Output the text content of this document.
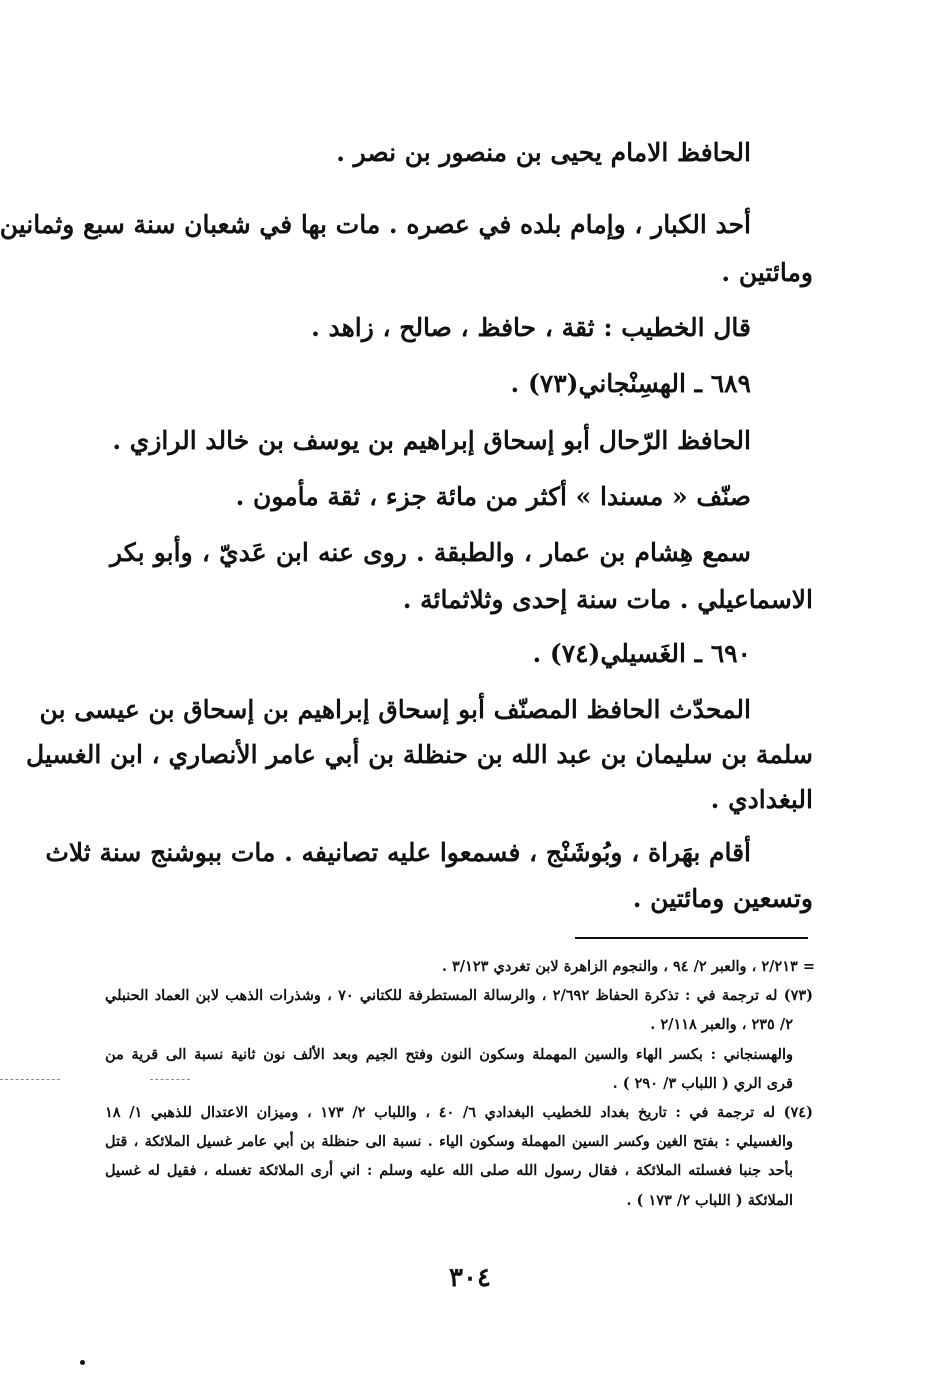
الحافظ الامام يحيى بن منصور بن نصر .
أحد الكبار ، وإمام بلده في عصره . مات بها في شعبان سنة سبع وثمانين
ومائتين .
قال الخطيب : ثقة ، حافظ ، صالح ، زاهد .
٦٨٩ ـ الهسِنْجاني(٧٣) .
الحافظ الرّحال أبو إسحاق إبراهيم بن يوسف بن خالد الرازي .
صنّف « مسندا » أكثر من مائة جزء ، ثقة مأمون .
سمع هِشام بن عمار ، والطبقة . روى عنه ابن عَديّ ، وأبو بكر
الاسماعيلي . مات سنة إحدى وثلاثمائة .
٦٩٠ ـ الغَسيلي(٧٤) .
المحدّث الحافظ المصنّف أبو إسحاق إبراهيم بن إسحاق بن عيسى بن
سلمة بن سليمان بن عبد الله بن حنظلة بن أبي عامر الأنصاري ، ابن الغسيل
البغدادي .
أقام بهَراة ، وبُوشَنْج ، فسمعوا عليه تصانيفه . مات ببوشنج سنة ثلاث
وتسعين ومائتين .
= ٢/٢١٣ ، والعبر ٢/ ٩٤ ، والنجوم الزاهرة لابن تغردي ٣/١٢٣ .
(٧٣) له ترجمة في : تذكرة الحفاظ ٢/٦٩٢ ، والرسالة المستطرفة للكتاني ٧٠ ، وشذرات الذهب لابن العماد الحنبلي
٢/ ٢٣٥ ، والعبر ٢/١١٨ .
والهسنجاني : بكسر الهاء والسين المهملة وسكون النون وفتح الجيم وبعد الألف نون ثانية نسبة الى قرية من
قرى الري ( اللباب ٣/ ٢٩٠ ) .
(٧٤) له ترجمة في : تاريخ بغداد للخطيب البغدادي ٦/ ٤٠ ، واللباب ٢/ ١٧٣ ، وميزان الاعتدال للذهبي ١/ ١٨
والغسيلي : بفتح الغين وكسر السين المهملة وسكون الياء . نسبة الى حنظلة بن أبي عامر غسيل الملائكة ، قتل
بأحد جنبا فغسلته الملائكة ، فقال رسول الله صلى الله عليه وسلم : اني أرى الملائكة تغسله ، فقيل له غسيل
الملائكة ( اللباب ٢/ ١٧٣ ) .
٣٠٤
